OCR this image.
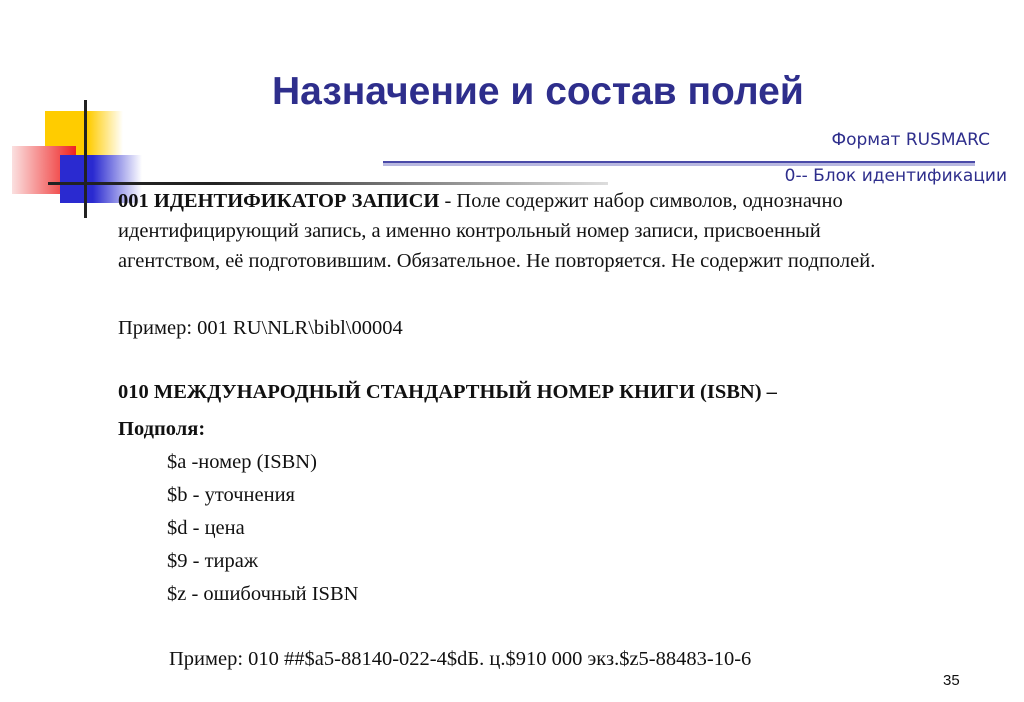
Назначение и состав полей
Формат RUSMARC
0-- Блок идентификации
001 ИДЕНТИФИКАТОР ЗАПИСИ - Поле содержит набор символов, однозначно идентифицирующий запись, а именно контрольный номер записи, присвоенный агентством, её подготовившим. Обязательное. Не повторяется. Не содержит подполей.
Пример: 001 RU\NLR\bibl\00004
010 МЕЖДУНАРОДНЫЙ СТАНДАРТНЫЙ НОМЕР КНИГИ (ISBN) –
Подполя:
$a -номер (ISBN)
$b - уточнения
$d - цена
$9 - тираж
$z - ошибочный ISBN
Пример: 010 ##$a5-88140-022-4$dБ. ц.$910 000 экз.$z5-88483-10-6
35
